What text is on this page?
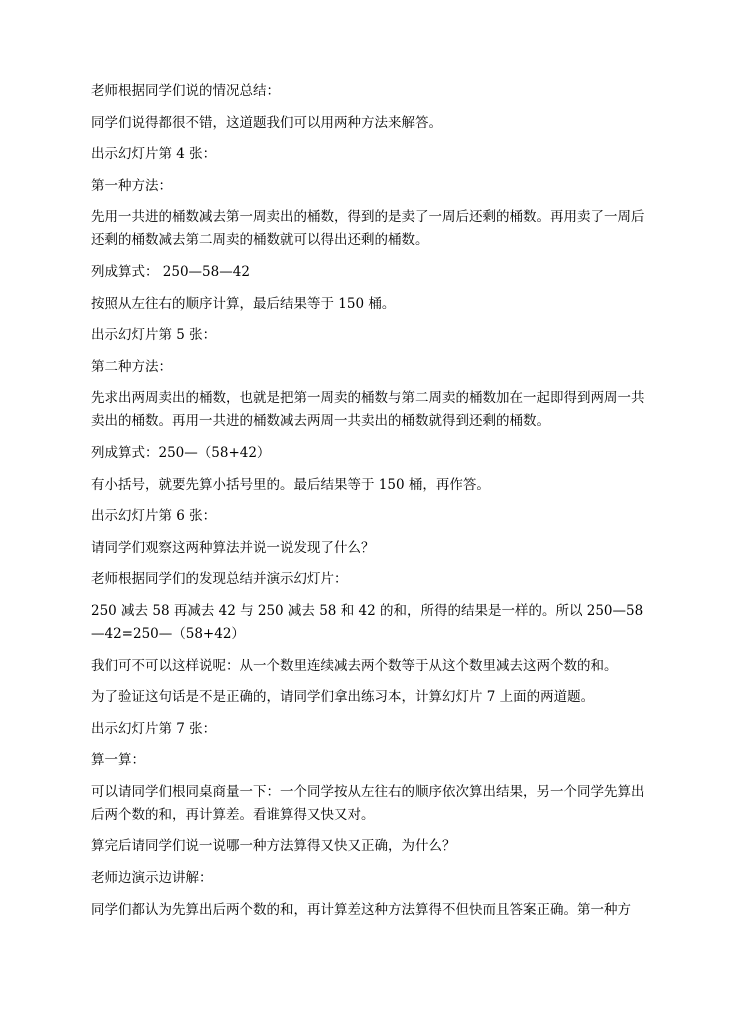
老师根据同学们说的情况总结：

同学们说得都很不错，这道题我们可以用两种方法来解答。

出示幻灯片第 4 张：

第一种方法：

先用一共进的桶数减去第一周卖出的桶数，得到的是卖了一周后还剩的桶数。再用卖了一周后还剩的桶数减去第二周卖的桶数就可以得出还剩的桶数。

列成算式： 250—58—42

按照从左往右的顺序计算，最后结果等于 150 桶。

出示幻灯片第 5 张：

第二种方法：

先求出两周卖出的桶数，也就是把第一周卖的桶数与第二周卖的桶数加在一起即得到两周一共卖出的桶数。再用一共进的桶数减去两周一共卖出的桶数就得到还剩的桶数。

列成算式：250—（58+42）

有小括号，就要先算小括号里的。最后结果等于 150 桶，再作答。

出示幻灯片第 6 张：

请同学们观察这两种算法并说一说发现了什么？

老师根据同学们的发现总结并演示幻灯片：

250 减去 58 再减去 42 与 250 减去 58 和 42 的和，所得的结果是一样的。所以 250—58—42=250—（58+42）

我们可不可以这样说呢：从一个数里连续减去两个数等于从这个数里减去这两个数的和。

为了验证这句话是不是正确的，请同学们拿出练习本，计算幻灯片 7 上面的两道题。

出示幻灯片第 7 张：

算一算：

可以请同学们根同桌商量一下：一个同学按从左往右的顺序依次算出结果，另一个同学先算出后两个数的和，再计算差。看谁算得又快又对。

算完后请同学们说一说哪一种方法算得又快又正确，为什么？

老师边演示边讲解：

同学们都认为先算出后两个数的和，再计算差这种方法算得不但快而且答案正确。第一种方
